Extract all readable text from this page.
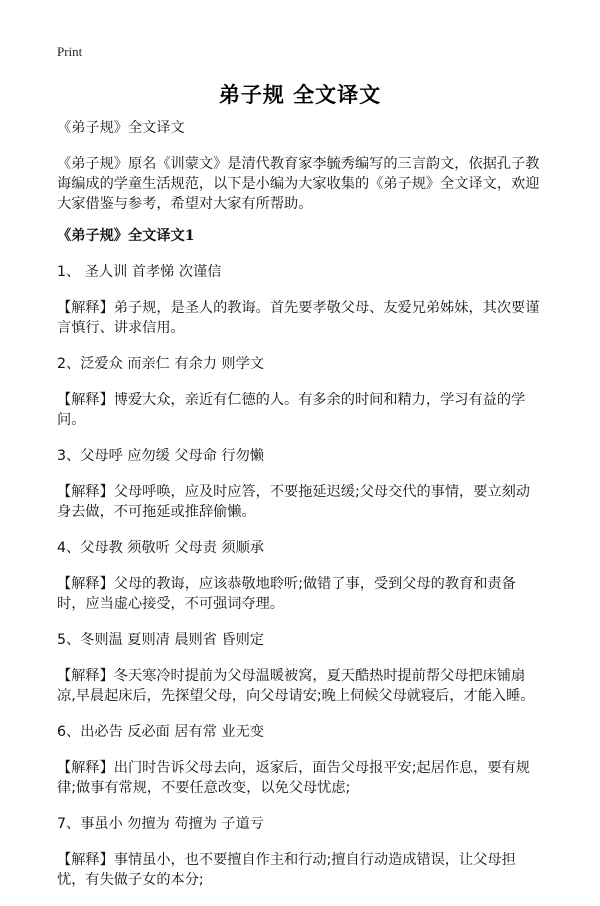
Print
弟子规 全文译文

《弟子规》全文译文

《弟子规》原名《训蒙文》是清代教育家李毓秀编写的三言韵文，依据孔子教诲编成的学童生活规范，以下是小编为大家收集的《弟子规》全文译文，欢迎大家借鉴与参考，希望对大家有所帮助。

《弟子规》全文译文1

1、 圣人训 首孝悌 次谨信

【解释】弟子规，是圣人的教诲。首先要孝敬父母、友爱兄弟姊妹，其次要谨言慎行、讲求信用。

2、泛爱众 而亲仁 有余力 则学文

【解释】博爱大众，亲近有仁德的人。有多余的时间和精力，学习有益的学问。

3、父母呼 应勿缓 父母命 行勿懒

【解释】父母呼唤，应及时应答，不要拖延迟缓;父母交代的事情，要立刻动身去做，不可拖延或推辞偷懒。

4、父母教 须敬听 父母责 须顺承

【解释】父母的教诲，应该恭敬地聆听;做错了事，受到父母的教育和责备时，应当虚心接受，不可强词夺理。

5、冬则温 夏则凊 晨则省 昏则定

【解释】冬天寒冷时提前为父母温暖被窝，夏天酷热时提前帮父母把床铺扇凉,早晨起床后，先探望父母，向父母请安;晚上伺候父母就寝后，才能入睡。

6、出必告 反必面 居有常 业无变

【解释】出门时告诉父母去向，返家后，面告父母报平安;起居作息，要有规律;做事有常规，不要任意改变，以免父母忧虑;

7、事虽小 勿擅为 苟擅为 子道亏

【解释】事情虽小，也不要擅自作主和行动;擅自行动造成错误，让父母担忧，有失做子女的本分;
